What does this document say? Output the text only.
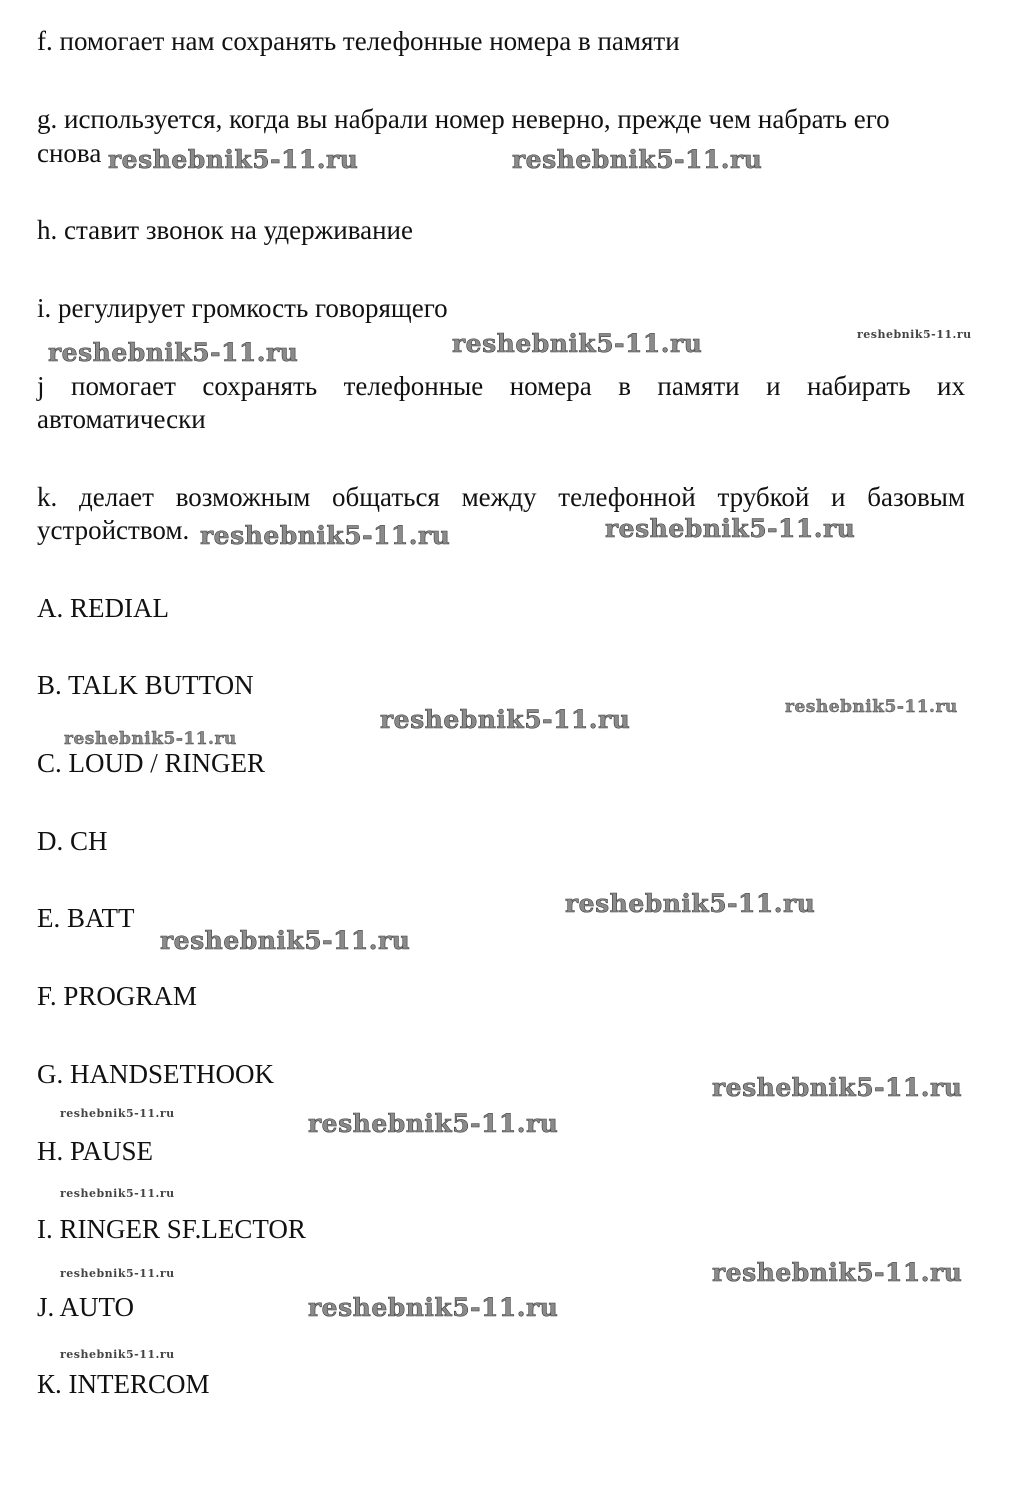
f. помогает нам сохранять телефонные номера в памяти
g. используется, когда вы набрали номер неверно, прежде чем набрать его
снова
h. ставит звонок на удерживание
i. регулирует громкость говорящего
j помогает сохранять телефонные номера в памяти и набирать их
автоматически
k. делает возможным общаться между телефонной трубкой и базовым
устройством.
A. REDIAL
B. TALK BUTTON
C. LOUD / RINGER
D. CH
E. BATT
F. PROGRAM
G. HANDSETHOOK
H. PAUSE
I. RINGER SF.LECTOR
J. AUTO
К. INTERCOM
reshebnik5-11.ru	reshebnik5-11.ru
reshebnik5-11.ru
reshebnik5-11.ru
reshebnik5-11.ru
reshebnik5-11.ru	reshebnik5-11.ru
reshebnik5-11.ru	reshebnik5-11.ru
reshebnik5-11.ru
reshebnik5-11.ru
reshebnik5-11.ru
reshebnik5-11.ru
reshebnik5-11.ru
reshebnik5-11.ru
reshebnik5-11.ru
reshebnik5-11.ru
reshebnik5-11.ru
reshebnik5-11.ru
reshebnik5-11.ru
